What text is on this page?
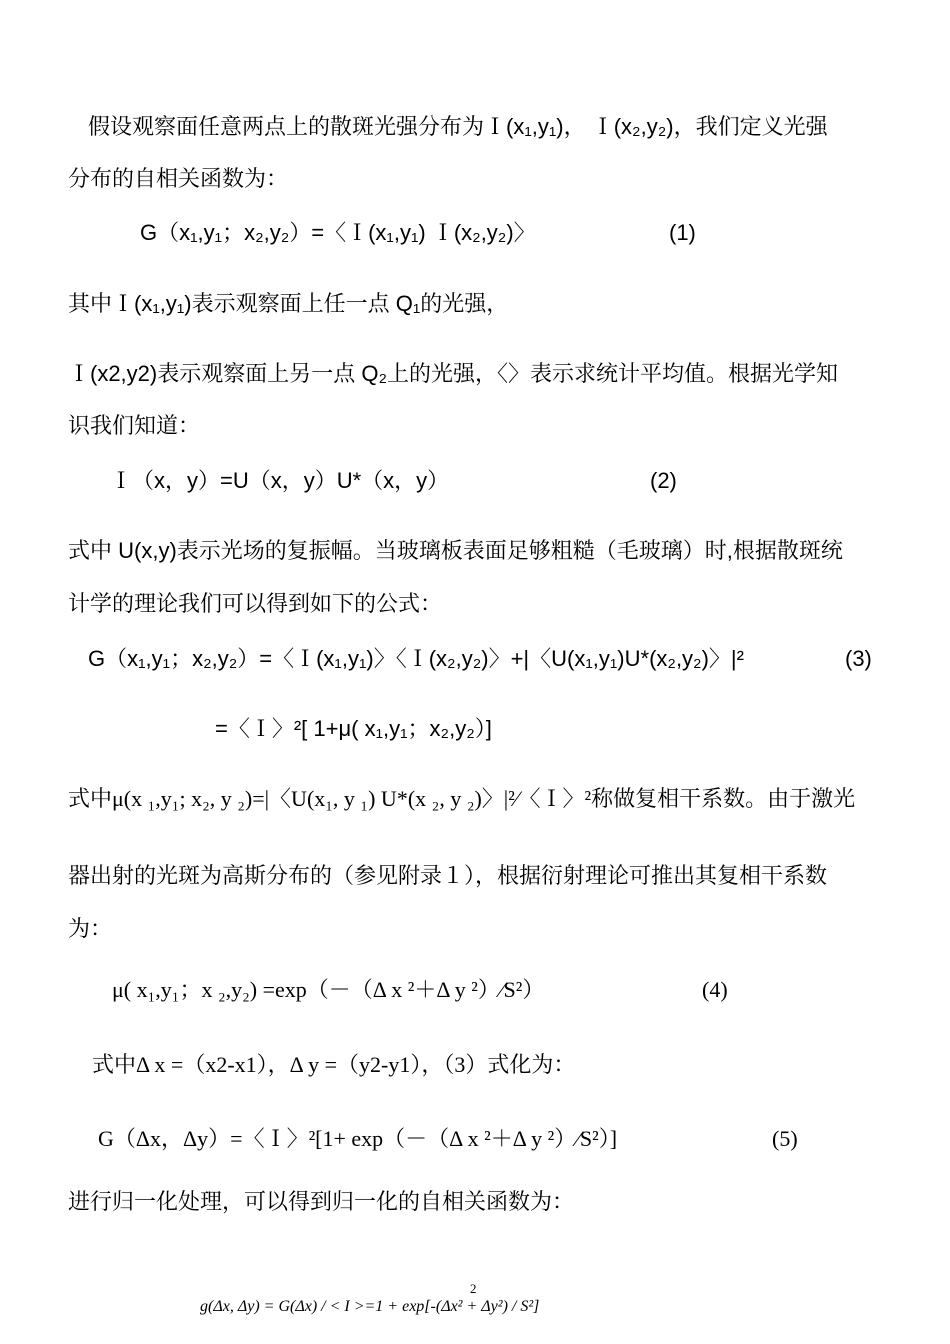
假设观察面任意两点上的散斑光强分布为Ｉ(x₁,y₁)， Ｉ(x₂,y₂)，我们定义光强
分布的自相关函数为：
G（x₁,y₁；x₂,y₂）=〈Ｉ(x₁,y₁) Ｉ(x₂,y₂)〉	(1)
其中Ｉ(x₁,y₁)表示观察面上任一点 Q₁的光强，
Ｉ(x2,y2)表示观察面上另一点 Q₂上的光强，〈〉表示求统计平均值。根据光学知
识我们知道：
Ｉ（x，y）=U（x，y）U*（x，y）	(2)
式中 U(x,y)表示光场的复振幅。当玻璃板表面足够粗糙（毛玻璃）时,根据散斑统
计学的理论我们可以得到如下的公式：
G（x₁,y₁；x₂,y₂）=〈Ｉ(x₁,y₁)〉〈Ｉ(x₂,y₂)〉+|〈U(x₁,y₁)U*(x₂,y₂)〉|²	(3)
=〈Ｉ〉²[ 1+μ( x₁,y₁；x₂,y₂）]
式中μ(x ₁,y₁; x₂, y ₂)=|〈U(x₁, y ₁) U*(x ₂, y ₂)〉|²⁄〈Ｉ〉²称做复相干系数。由于激光
器出射的光斑为高斯分布的（参见附录１），根据衍射理论可推出其复相干系数
为：
μ( x₁,y₁；x ₂,y₂) =exp（－（Δ x ²＋Δ y ²）⁄S²）	(4)
式中Δ x =（x2-x1），Δ y =（y2-y1），（3）式化为：
G（Δx，Δy）=〈Ｉ〉²[1+ exp（－（Δ x ²＋Δ y ²）⁄S²）]	(5)
进行归一化处理，可以得到归一化的自相关函数为：
2
g(Δx, Δy) = G(Δx) / < I >=1 + exp[-(Δx² + Δy²) / S²]
